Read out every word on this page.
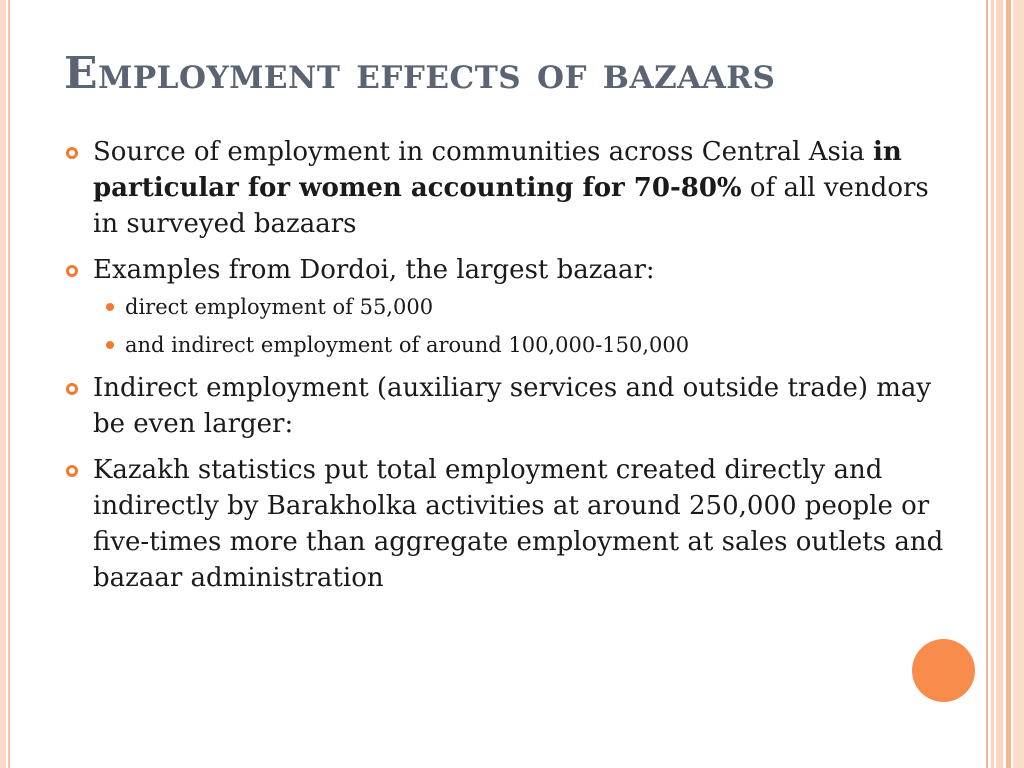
Employment effects of bazaars
Source of employment in communities across Central Asia in particular for women accounting for 70-80% of all vendors in surveyed bazaars
Examples from Dordoi, the largest bazaar:
direct employment of 55,000
and indirect employment of around 100,000-150,000
Indirect employment (auxiliary services and outside trade) may be even larger:
Kazakh statistics put total employment created directly and indirectly by Barakholka activities at around 250,000 people or five-times more than aggregate employment at sales outlets and bazaar administration
